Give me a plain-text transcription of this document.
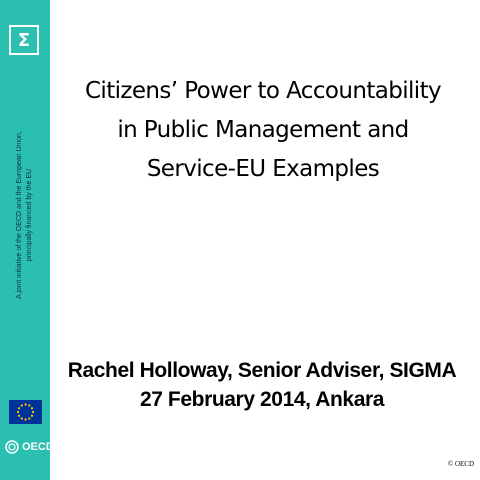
Σ
A joint initiative of the OECD and the European Union, principally financed by the EU
OECD
Citizens’ Power to Accountability
in Public Management and
Service-EU Examples
Rachel Holloway, Senior Adviser, SIGMA
27 February 2014, Ankara
© OECD
